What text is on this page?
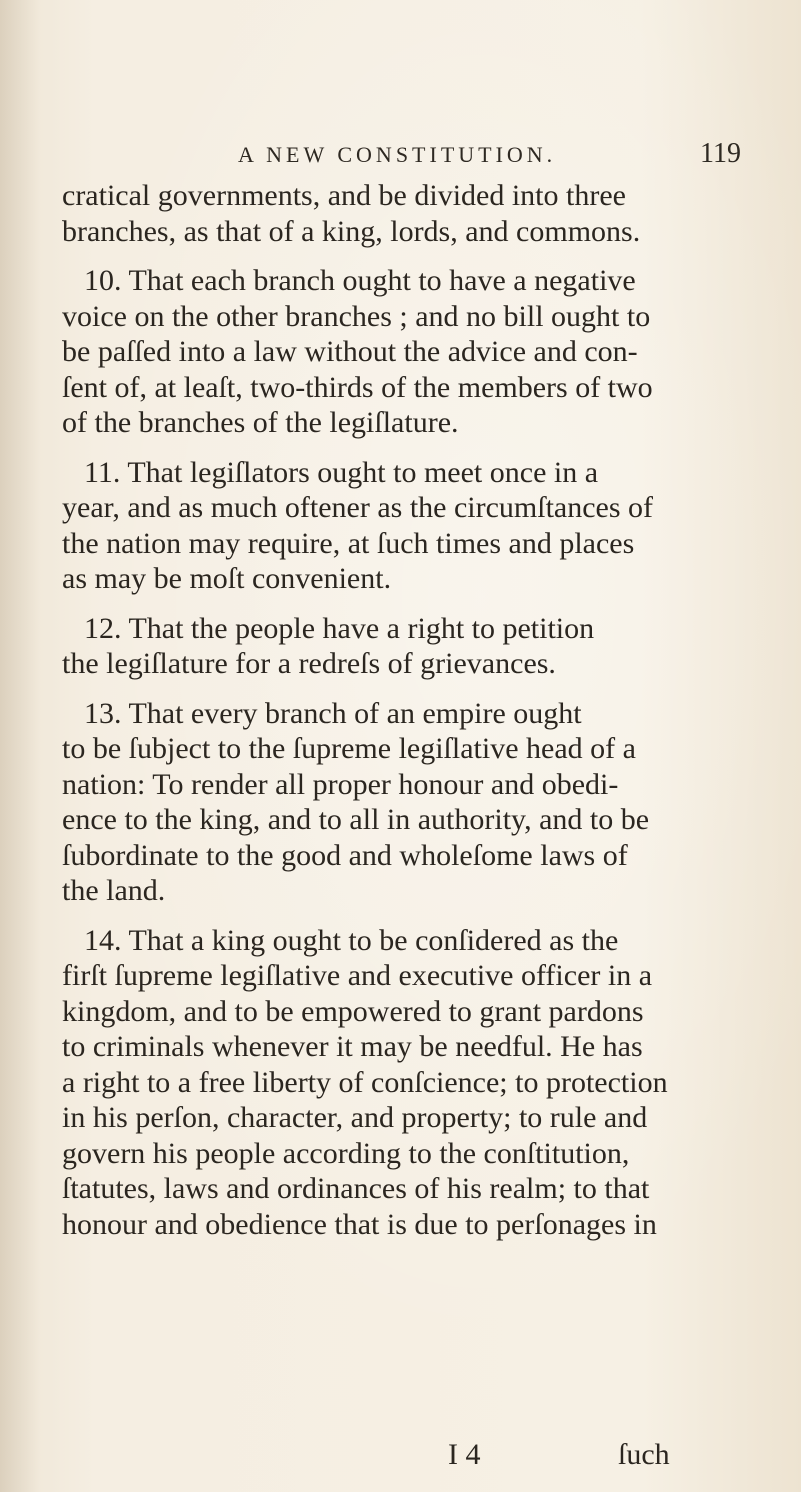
A NEW CONSTITUTION.	119
cratical governments, and be divided into three
branches, as that of a king, lords, and commons.
10. That each branch ought to have a negative
voice on the other branches ; and no bill ought to
be paſſed into a law without the advice and con-
ſent of, at leaſt, two-thirds of the members of two
of the branches of the legiſlature.
11. That legiſlators ought to meet once in a
year, and as much oftener as the circumſtances of
the nation may require, at ſuch times and places
as may be moſt convenient.
12. That the people have a right to petition
the legiſlature for a redreſs of grievances.
13. That every branch of an empire ought
to be ſubject to the ſupreme legiſlative head of a
nation: To render all proper honour and obedi-
ence to the king, and to all in authority, and to be
ſubordinate to the good and wholeſome laws of
the land.
14. That a king ought to be conſidered as the
firſt ſupreme legiſlative and executive officer in a
kingdom, and to be empowered to grant pardons
to criminals whenever it may be needful. He has
a right to a free liberty of conſcience; to protection
in his perſon, character, and property; to rule and
govern his people according to the conſtitution,
ſtatutes, laws and ordinances of his realm; to that
honour and obedience that is due to perſonages in
I 4	ſuch
